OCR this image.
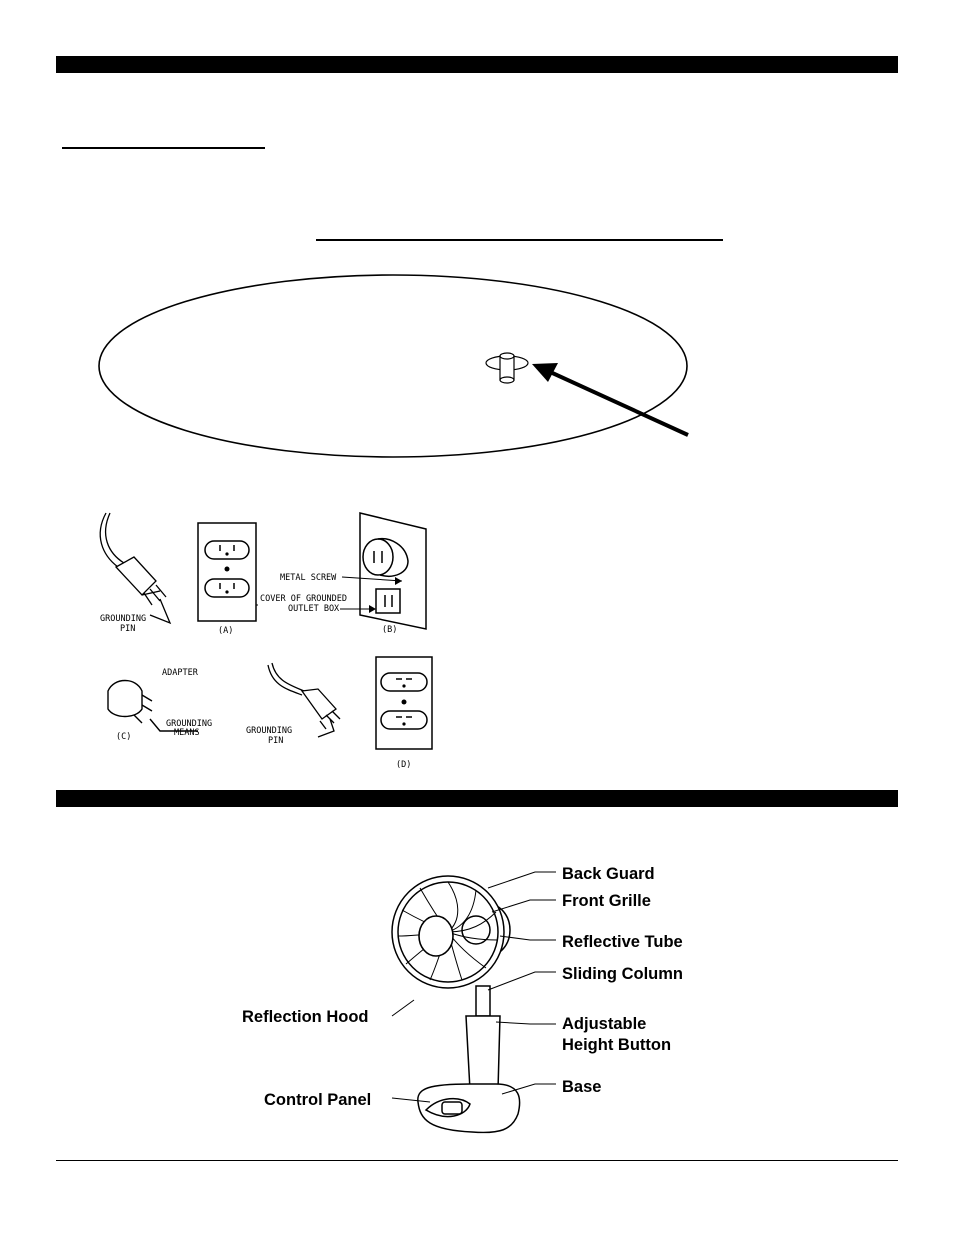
GROUNDING
PIN	(A)
METAL SCREW
COVER OF GROUNDED
OUTLET BOX
(B)
ADAPTER
GROUNDING
MEANS
(C)
GROUNDING
PIN
(D)
Back Guard
Front Grille
Reflective Tube
Sliding Column
Reflection Hood	Adjustable
Height Button
Control Panel
Base
